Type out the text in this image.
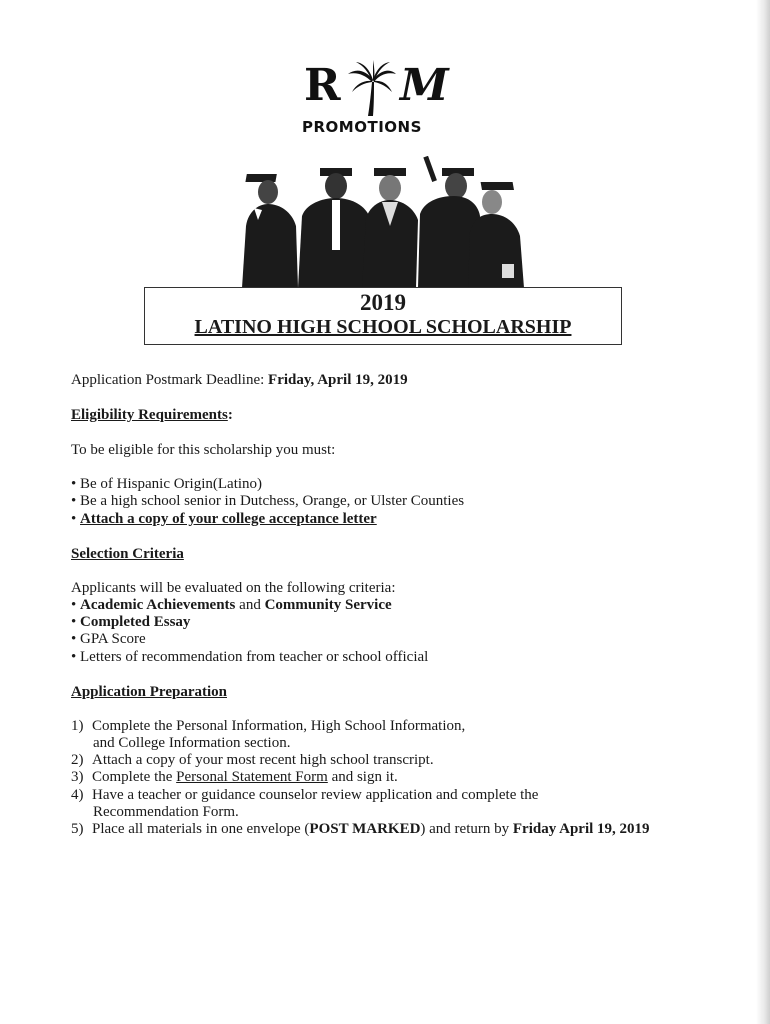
R M
PROMOTIONS
2019
LATINO HIGH SCHOOL SCHOLARSHIP
Application Postmark Deadline: Friday, April 19, 2019
Eligibility Requirements:
To be eligible for this scholarship you must:
• Be of Hispanic Origin(Latino)
• Be a high school senior in Dutchess, Orange, or Ulster Counties
• Attach a copy of your college acceptance letter
Selection Criteria
Applicants will be evaluated on the following criteria:
• Academic Achievements and Community Service
• Completed Essay
• GPA Score
• Letters of recommendation from teacher or school official
Application Preparation
1) Complete the Personal Information, High School Information,
and College Information section.
2) Attach a copy of your most recent high school transcript.
3) Complete the Personal Statement Form and sign it.
4) Have a teacher or guidance counselor review application and complete the
Recommendation Form.
5) Place all materials in one envelope (POST MARKED) and return by Friday April 19, 2019
